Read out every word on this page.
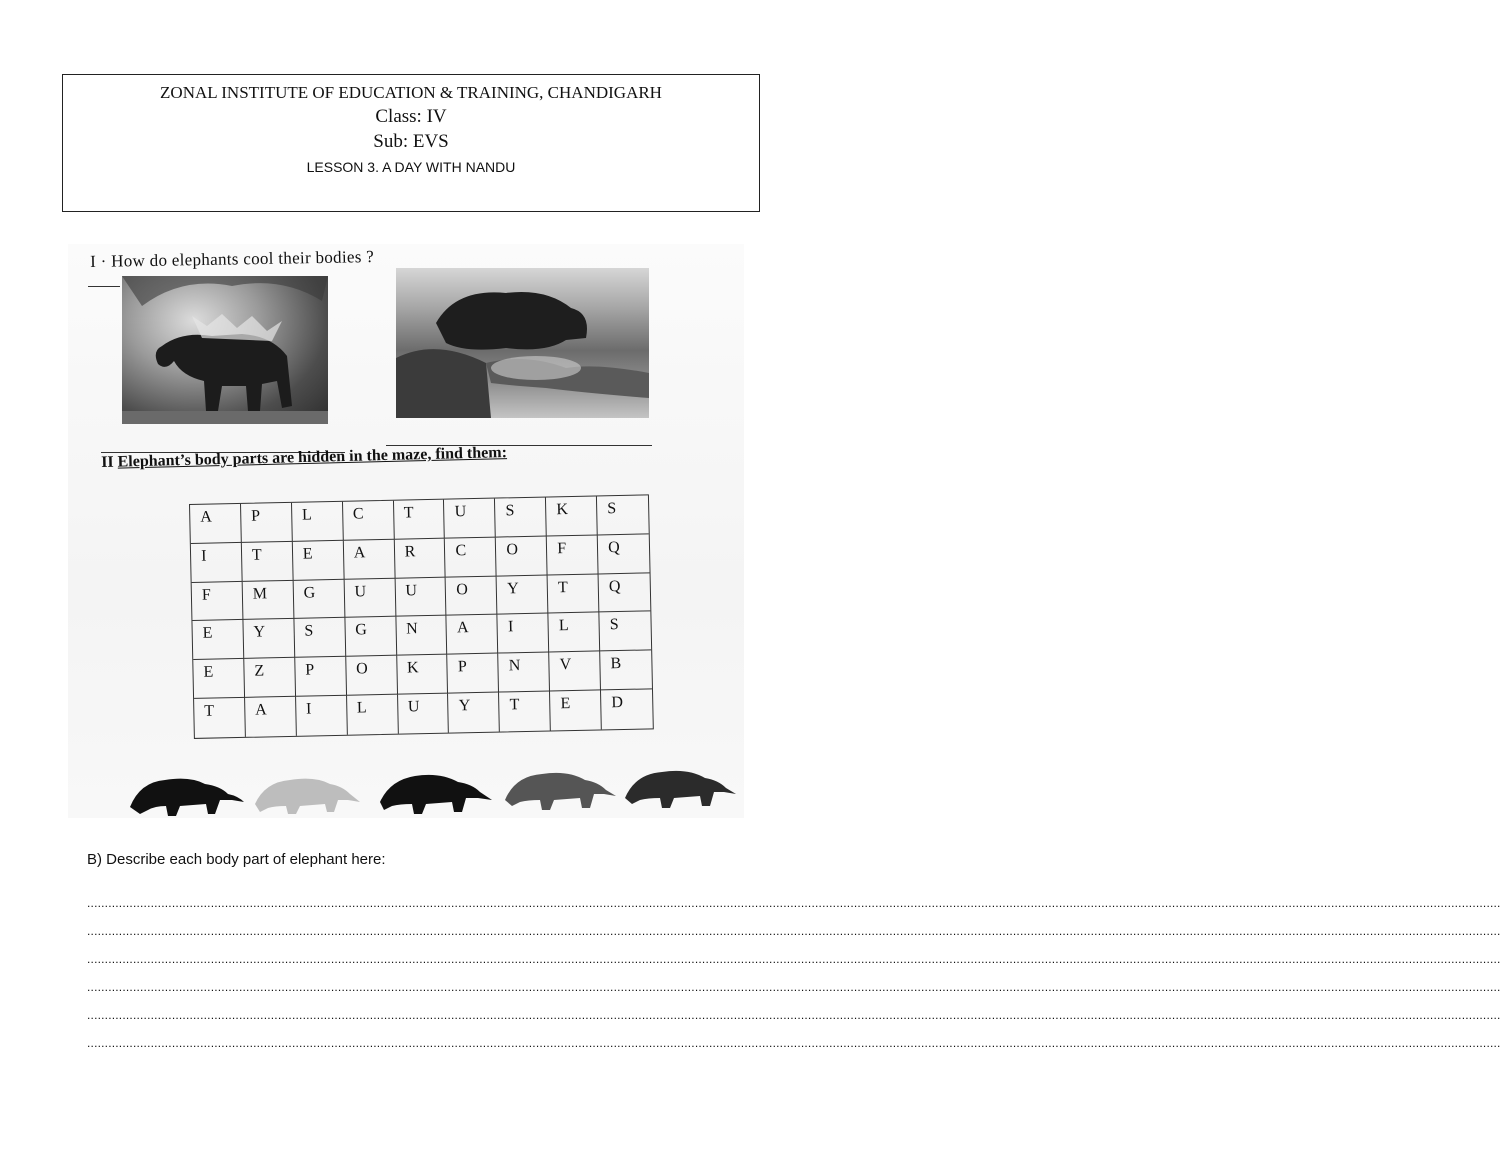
ZONAL INSTITUTE OF EDUCATION & TRAINING, CHANDIGARH
Class: IV
Sub: EVS
LESSON 3. A DAY WITH NANDU
I · How do elephants cool their bodies ?
II Elephant’s body parts are hidden in the maze, find them:
A	P	L	C	T	U	S	K	S
I	T	E	A	R	C	O	F	Q
F	M	G	U	U	O	Y	T	Q
E	Y	S	G	N	A	I	L	S
E	Z	P	O	K	P	N	V	B
T	A	I	L	U	Y	T	E	D
B) Describe each body part of elephant here:
................................................................................................................................................................................................................................................................................................................................................................................................................
................................................................................................................................................................................................................................................................................................................................................................................................................
................................................................................................................................................................................................................................................................................................................................................................................................................
................................................................................................................................................................................................................................................................................................................................................................................................................
................................................................................................................................................................................................................................................................................................................................................................................................................
................................................................................................................................................................................................................................................................................................................................................................................................................
